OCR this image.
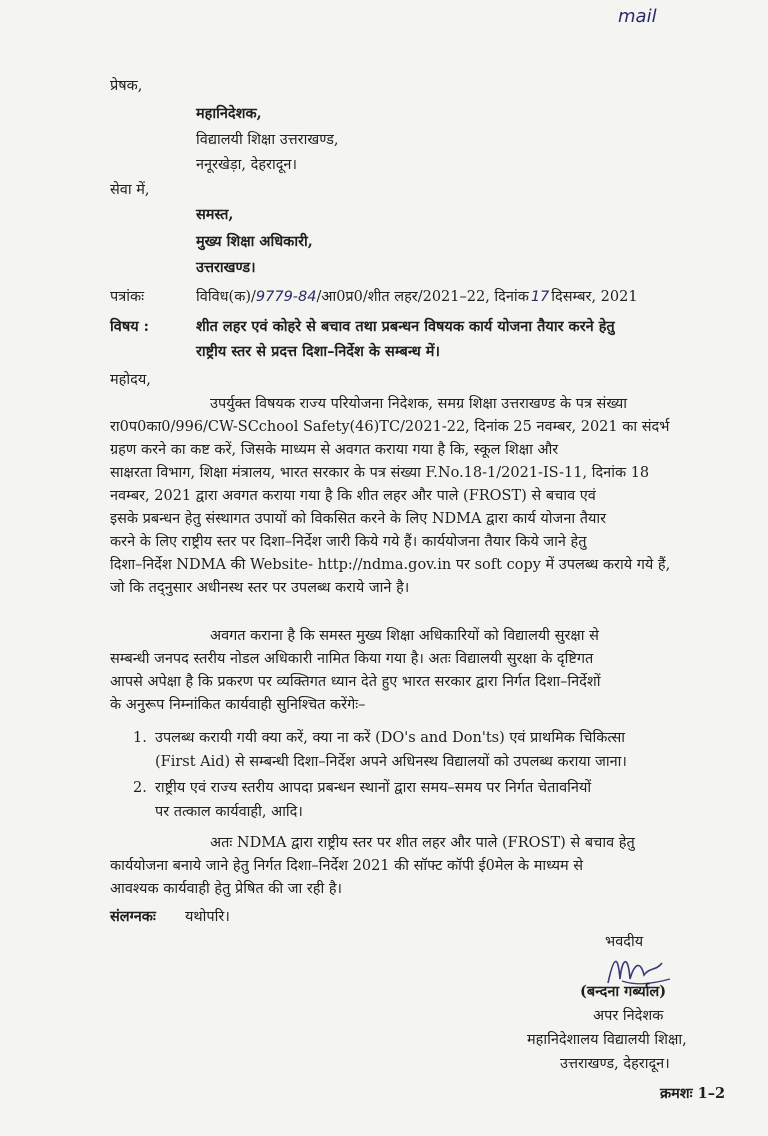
mail
प्रेषक,
महानिदेशक,
विद्यालयी शिक्षा उत्तराखण्ड,
ननूरखेड़ा, देहरादून।
सेवा में,
समस्त,
मुख्य शिक्षा अधिकारी,
उत्तराखण्ड।
पत्रांकः	विविध(क)/9779-84/आ0प्र0/शीत लहर/2021–22, दिनांक 17 दिसम्बर, 2021
विषय :	शीत लहर एवं कोहरे से बचाव तथा प्रबन्धन विषयक कार्य योजना तैयार करने हेतु
राष्ट्रीय स्तर से प्रदत्त दिशा–निर्देश के सम्बन्ध में।
महोदय,
उपर्युक्त विषयक राज्य परियोजना निदेशक, समग्र शिक्षा उत्तराखण्ड के पत्र संख्या
रा0प0का0/996/CW-SCchool Safety(46)TC/2021-22, दिनांक 25 नवम्बर, 2021 का संदर्भ
ग्रहण करने का कष्ट करें, जिसके माध्यम से अवगत कराया गया है कि, स्कूल शिक्षा और
साक्षरता विभाग, शिक्षा मंत्रालय, भारत सरकार के पत्र संख्या F.No.18-1/2021-IS-11, दिनांक 18
नवम्बर, 2021 द्वारा अवगत कराया गया है कि शीत लहर और पाले (FROST) से बचाव एवं
इसके प्रबन्धन हेतु संस्थागत उपायों को विकसित करने के लिए NDMA द्वारा कार्य योजना तैयार
करने के लिए राष्ट्रीय स्तर पर दिशा–निर्देश जारी किये गये हैं। कार्ययोजना तैयार किये जाने हेतु
दिशा–निर्देश NDMA की Website- http://ndma.gov.in पर soft copy में उपलब्ध कराये गये हैं,
जो कि तद्नुसार अधीनस्थ स्तर पर उपलब्ध कराये जाने है।
अवगत कराना है कि समस्त मुख्य शिक्षा अधिकारियों को विद्यालयी सुरक्षा से
सम्बन्धी जनपद स्तरीय नोडल अधिकारी नामित किया गया है। अतः विद्यालयी सुरक्षा के दृष्टिगत
आपसे अपेक्षा है कि प्रकरण पर व्यक्तिगत ध्यान देते हुए भारत सरकार द्वारा निर्गत दिशा–निर्देशों
के अनुरूप निम्नांकित कार्यवाही सुनिश्चित करेंगेः–
1. उपलब्ध करायी गयी क्या करें, क्या ना करें (DO's and Don'ts) एवं प्राथमिक चिकित्सा
(First Aid) से सम्बन्धी दिशा–निर्देश अपने अधिनस्थ विद्यालयों को उपलब्ध कराया जाना।
2. राष्ट्रीय एवं राज्य स्तरीय आपदा प्रबन्धन स्थानों द्वारा समय–समय पर निर्गत चेतावनियों
पर तत्काल कार्यवाही, आदि।
अतः NDMA द्वारा राष्ट्रीय स्तर पर शीत लहर और पाले (FROST) से बचाव हेतु
कार्ययोजना बनाये जाने हेतु निर्गत दिशा–निर्देश 2021 की सॉफ्ट कॉपी ई0मेल के माध्यम से
आवश्यक कार्यवाही हेतु प्रेषित की जा रही है।
संलग्नकः यथोपरि।
भवदीय
(बन्दना गर्ब्याल)
अपर निदेशक
महानिदेशालय विद्यालयी शिक्षा,
उत्तराखण्ड, देहरादून।
क्रमशः 1–2
